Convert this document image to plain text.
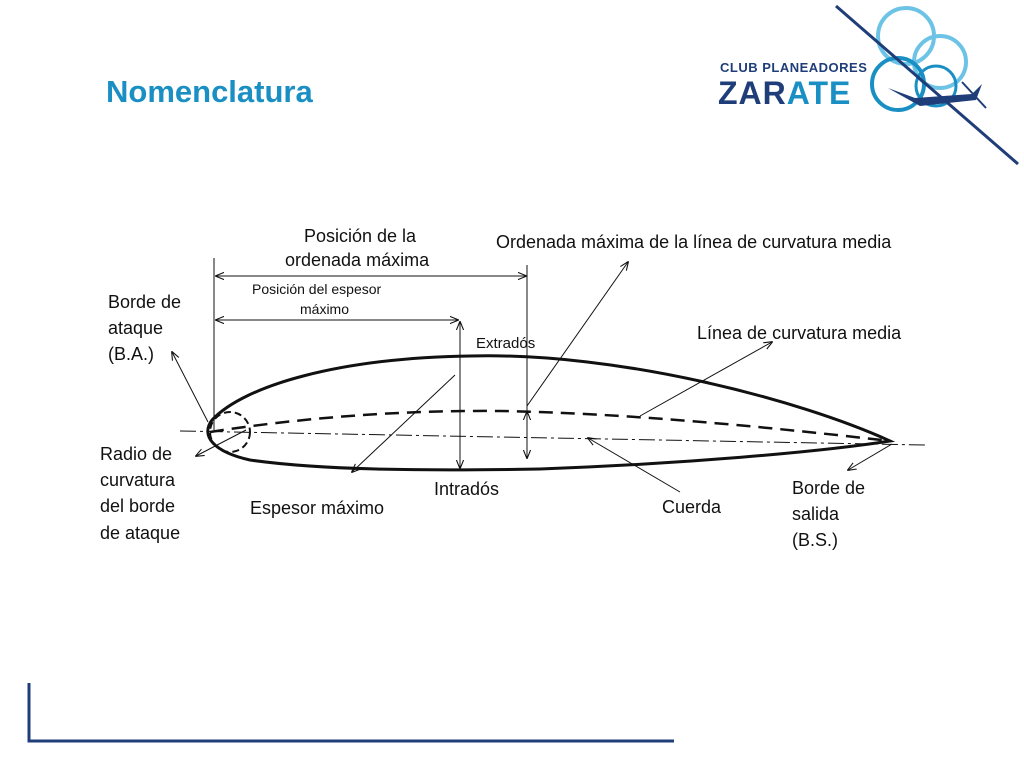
Nomenclatura
CLUB PLANEADORES
ZARATE
Posición de la
ordenada máxima
Posición del espesor
máximo
Ordenada máxima de la línea de curvatura media
Borde de
ataque
(B.A.)
Extradós
Línea de curvatura media
Radio de
curvatura
del borde
de ataque
Espesor máximo
Intradós
Cuerda
Borde de
salida
(B.S.)
